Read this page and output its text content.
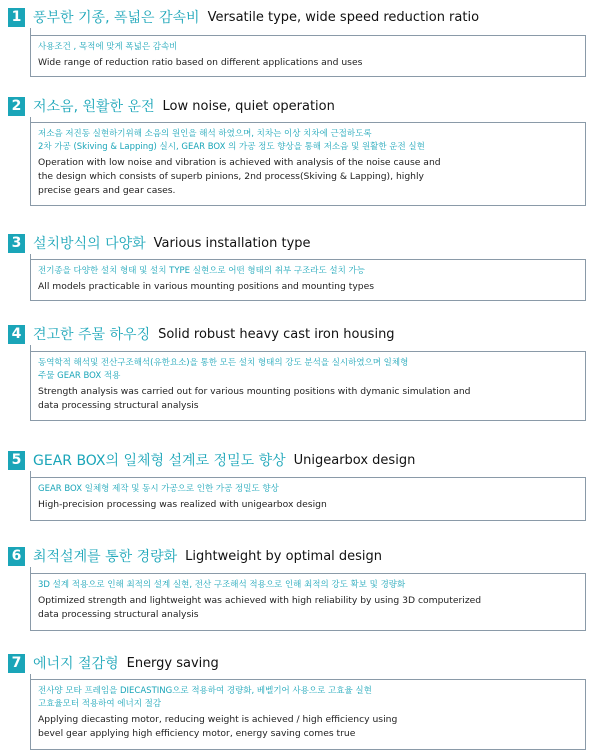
1 풍부한 기종, 폭넓은 감속비 Versatile type, wide speed reduction ratio
사용조건 , 목적에 맞게 폭넓은 감속비
Wide range of reduction ratio based on different applications and uses
2 저소음, 원활한 운전 Low noise, quiet operation
저소음 저진동 실현하기위해 소음의 원인을 해석 하였으며, 치차는 이상 치차에 근접하도록
2차 가공 (Skiving & Lapping) 실시, GEAR BOX 의 가공 정도 향상을 통해 저소음 및 원활한 운전 실현
Operation with low noise and vibration is achieved with analysis of the noise cause and
the design which consists of superb pinions, 2nd process(Skiving & Lapping), highly
precise gears and gear cases.
3 설치방식의 다양화 Various installation type
전기종을 다양한 설치 형태 및 설치 TYPE 실현으로 어떤 형태의 취부 구조라도 설치 가능
All models practicable in various mounting positions and mounting types
4 견고한 주물 하우징 Solid robust heavy cast iron housing
동역학적 해석및 전산구조해석(유한요소)을 통한 모든 설치 형태의 강도 분석을 실시하였으며 일체형
주물 GEAR BOX 적용
Strength analysis was carried out for various mounting positions with dymanic simulation and
data processing structural analysis
5 GEAR BOX의 일체형 설계로 정밀도 향상 Unigearbox design
GEAR BOX 일체형 제작 및 동시 가공으로 인한 가공 정밀도 향상
High-precision processing was realized with unigearbox design
6 최적설계를 통한 경량화 Lightweight by optimal design
3D 설계 적용으로 인해 최적의 설계 실현, 전산 구조해석 적용으로 인해 최적의 강도 확보 및 경량화
Optimized strength and lightweight was achieved with high reliability by using 3D computerized
data processing structural analysis
7 에너지 절감형 Energy saving
전사양 모타 프레임을 DIECASTING으로 적용하여 경량화, 베벨기어 사용으로 고효율 실현
고효율모터 적용하여 에너지 절감
Applying diecasting motor, reducing weight is achieved / high efficiency using
bevel gear applying high efficiency motor, energy saving comes true
